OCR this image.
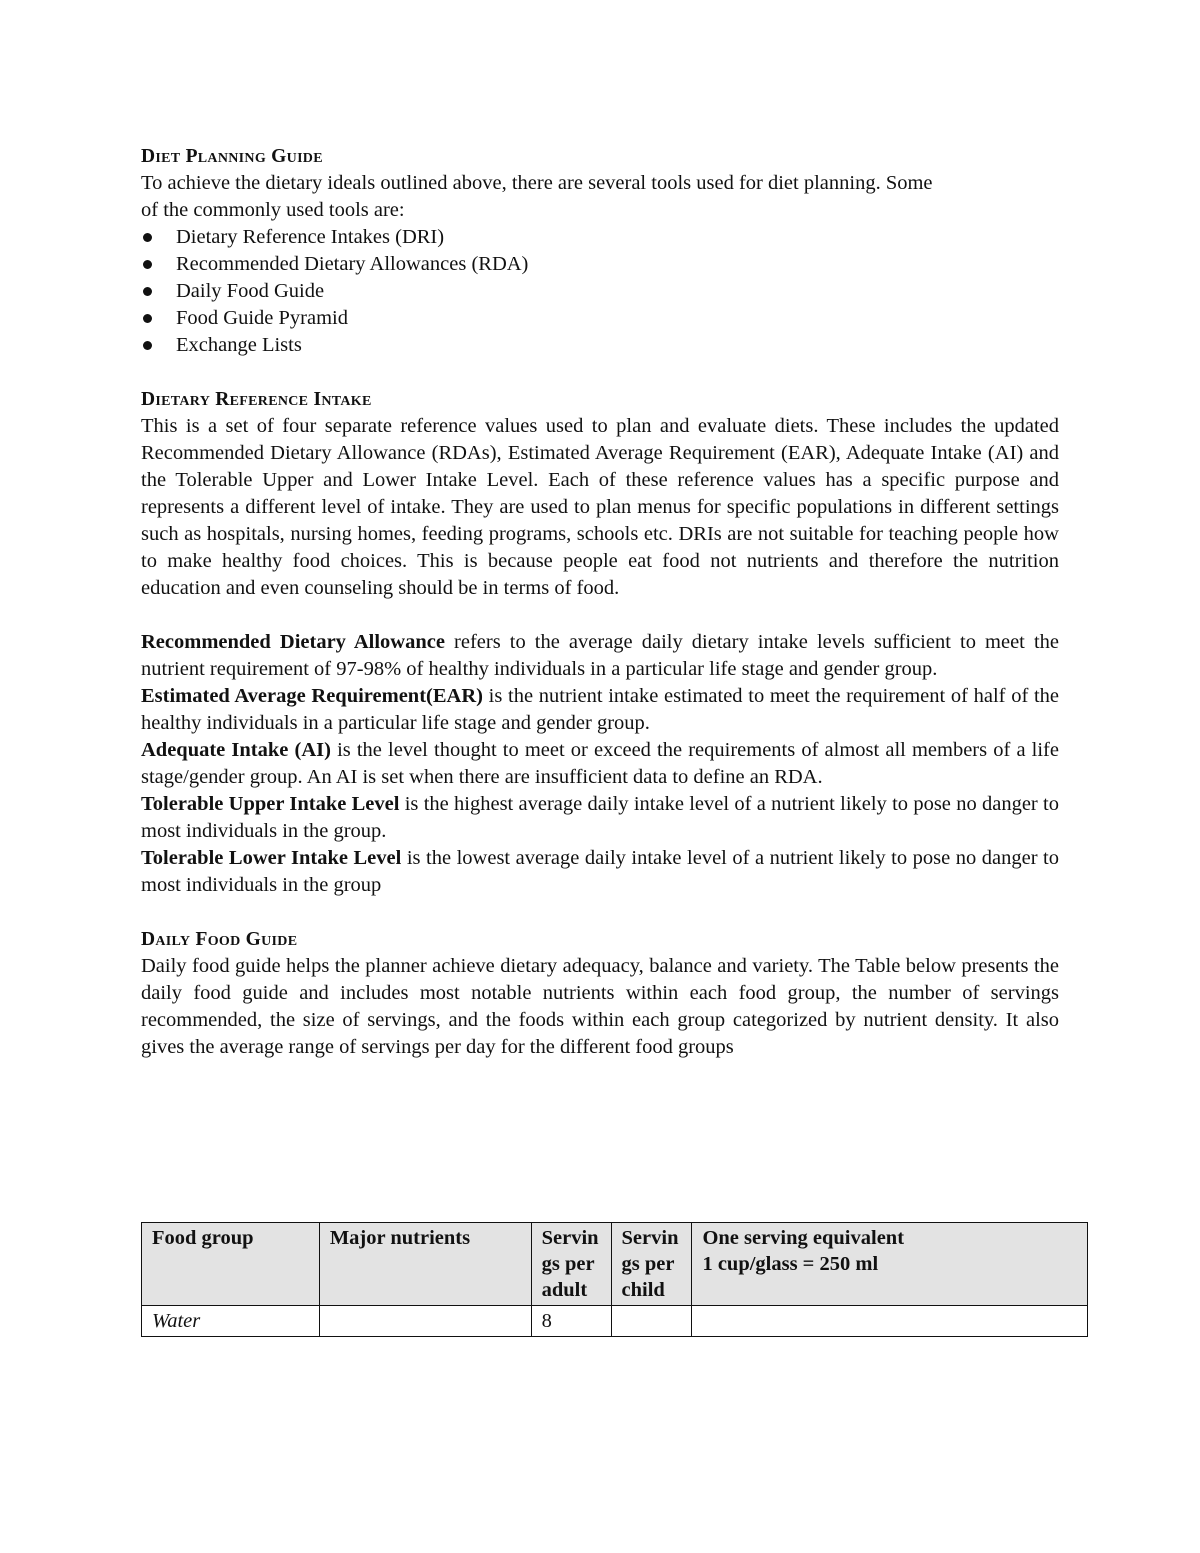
Diet Planning Guide

To achieve the dietary ideals outlined above, there are several tools used for diet planning. Some

of the commonly used tools are:

Dietary Reference Intakes (DRI)
Recommended Dietary Allowances (RDA)
Daily Food Guide
Food Guide Pyramid
Exchange Lists
Dietary Reference Intake

This is a set of four separate reference values used to plan and evaluate diets. These includes the updated Recommended Dietary Allowance (RDAs), Estimated Average Requirement (EAR), Adequate Intake (AI) and the Tolerable Upper and Lower Intake Level. Each of these reference values has a specific purpose and represents a different level of intake. They are used to plan menus for specific populations in different settings such as hospitals, nursing homes, feeding programs, schools etc. DRIs are not suitable for teaching people how to make healthy food choices. This is because people eat food not nutrients and therefore the nutrition education and even counseling should be in terms of food.

Recommended Dietary Allowance refers to the average daily dietary intake levels sufficient to meet the nutrient requirement of 97-98% of healthy individuals in a particular life stage and gender group.

Estimated Average Requirement(EAR) is the nutrient intake estimated to meet the requirement of half of the healthy individuals in a particular life stage and gender group.

Adequate Intake (AI) is the level thought to meet or exceed the requirements of almost all members of a life stage/gender group. An AI is set when there are insufficient data to define an RDA.

Tolerable Upper Intake Level is the highest average daily intake level of a nutrient likely to pose no danger to most individuals in the group.

Tolerable Lower Intake Level is the lowest average daily intake level of a nutrient likely to pose no danger to most individuals in the group

Daily Food Guide

Daily food guide helps the planner achieve dietary adequacy, balance and variety. The Table below presents the daily food guide and includes most notable nutrients within each food group, the number of servings recommended, the size of servings, and the foods within each group categorized by nutrient density. It also gives the average range of servings per day for the different food groups

Food group	Major nutrients	Servings per adult	Servings per child	One serving equivalent
1 cup/glass = 250 ml

Water		8		
